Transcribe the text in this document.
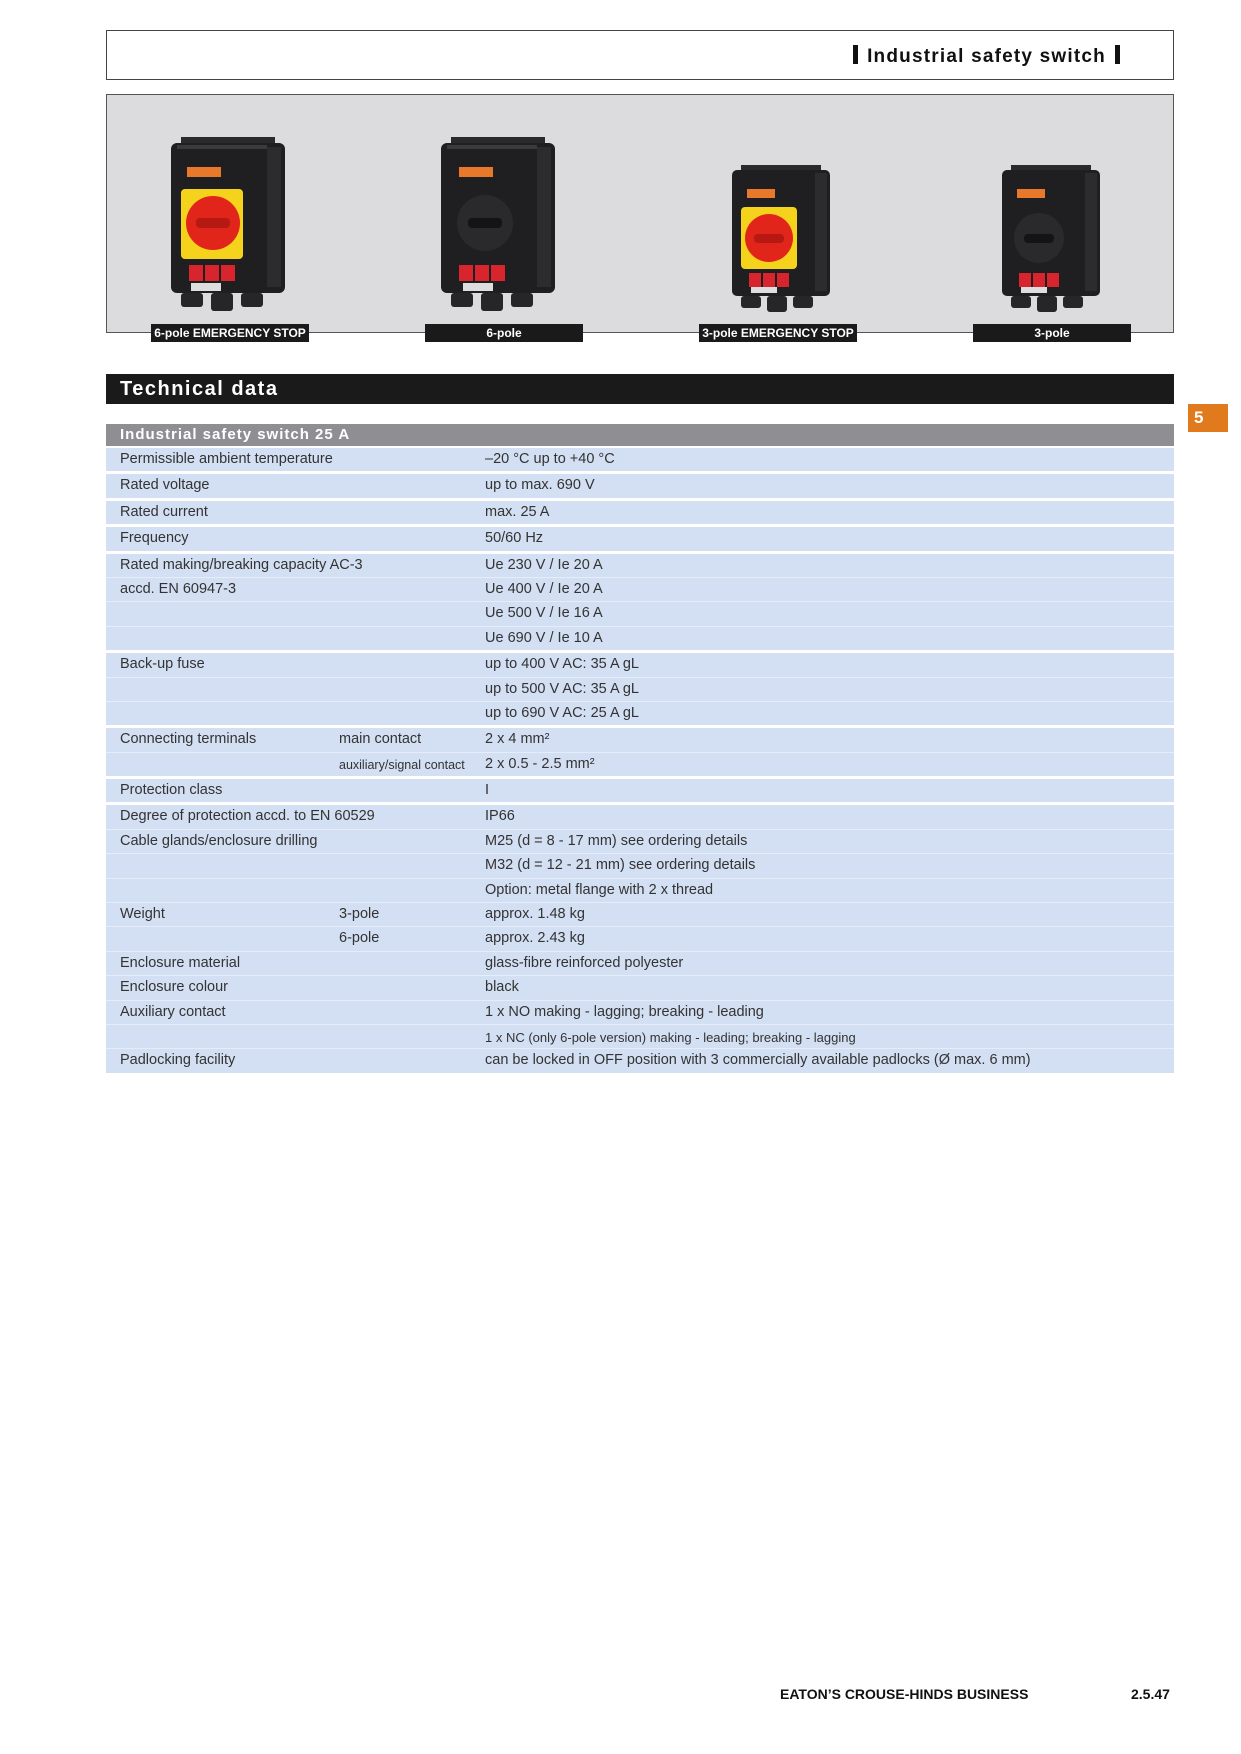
Industrial safety switch
6-pole EMERGENCY STOP	6-pole	3-pole EMERGENCY STOP	3-pole
Technical data
5
Industrial safety switch 25 A
Permissible ambient temperature	–20 °C up to +40 °C
Rated voltage	up to max. 690 V
Rated current	max. 25 A
Frequency	50/60 Hz
Rated making/breaking capacity AC-3	Ue 230 V / Ie 20 A
accd. EN 60947-3	Ue 400 V / Ie 20 A
Ue 500 V / Ie 16 A
Ue 690 V / Ie 10 A
Back-up fuse	up to 400 V AC: 35 A gL
up to 500 V AC: 35 A gL
up to 690 V AC: 25 A gL
Connecting terminals	main contact	2 x 4 mm²
auxiliary/signal contact 2 x 0.5 - 2.5 mm²
Protection class	I
Degree of protection accd. to EN 60529	IP66
Cable glands/enclosure drilling	M25 (d = 8 - 17 mm) see ordering details
M32 (d = 12 - 21 mm) see ordering details
Option: metal flange with 2 x thread
Weight	3-pole	approx. 1.48 kg
6-pole	approx. 2.43 kg
Enclosure material	glass-fibre reinforced polyester
Enclosure colour	black
Auxiliary contact	1 x NO making - lagging; breaking - leading
1 x NC (only 6-pole version) making - leading; breaking - lagging
Padlocking facility	can be locked in OFF position with 3 commercially available padlocks (Ø max. 6 mm)
EATON’S CROUSE-HINDS BUSINESS	2.5.47
